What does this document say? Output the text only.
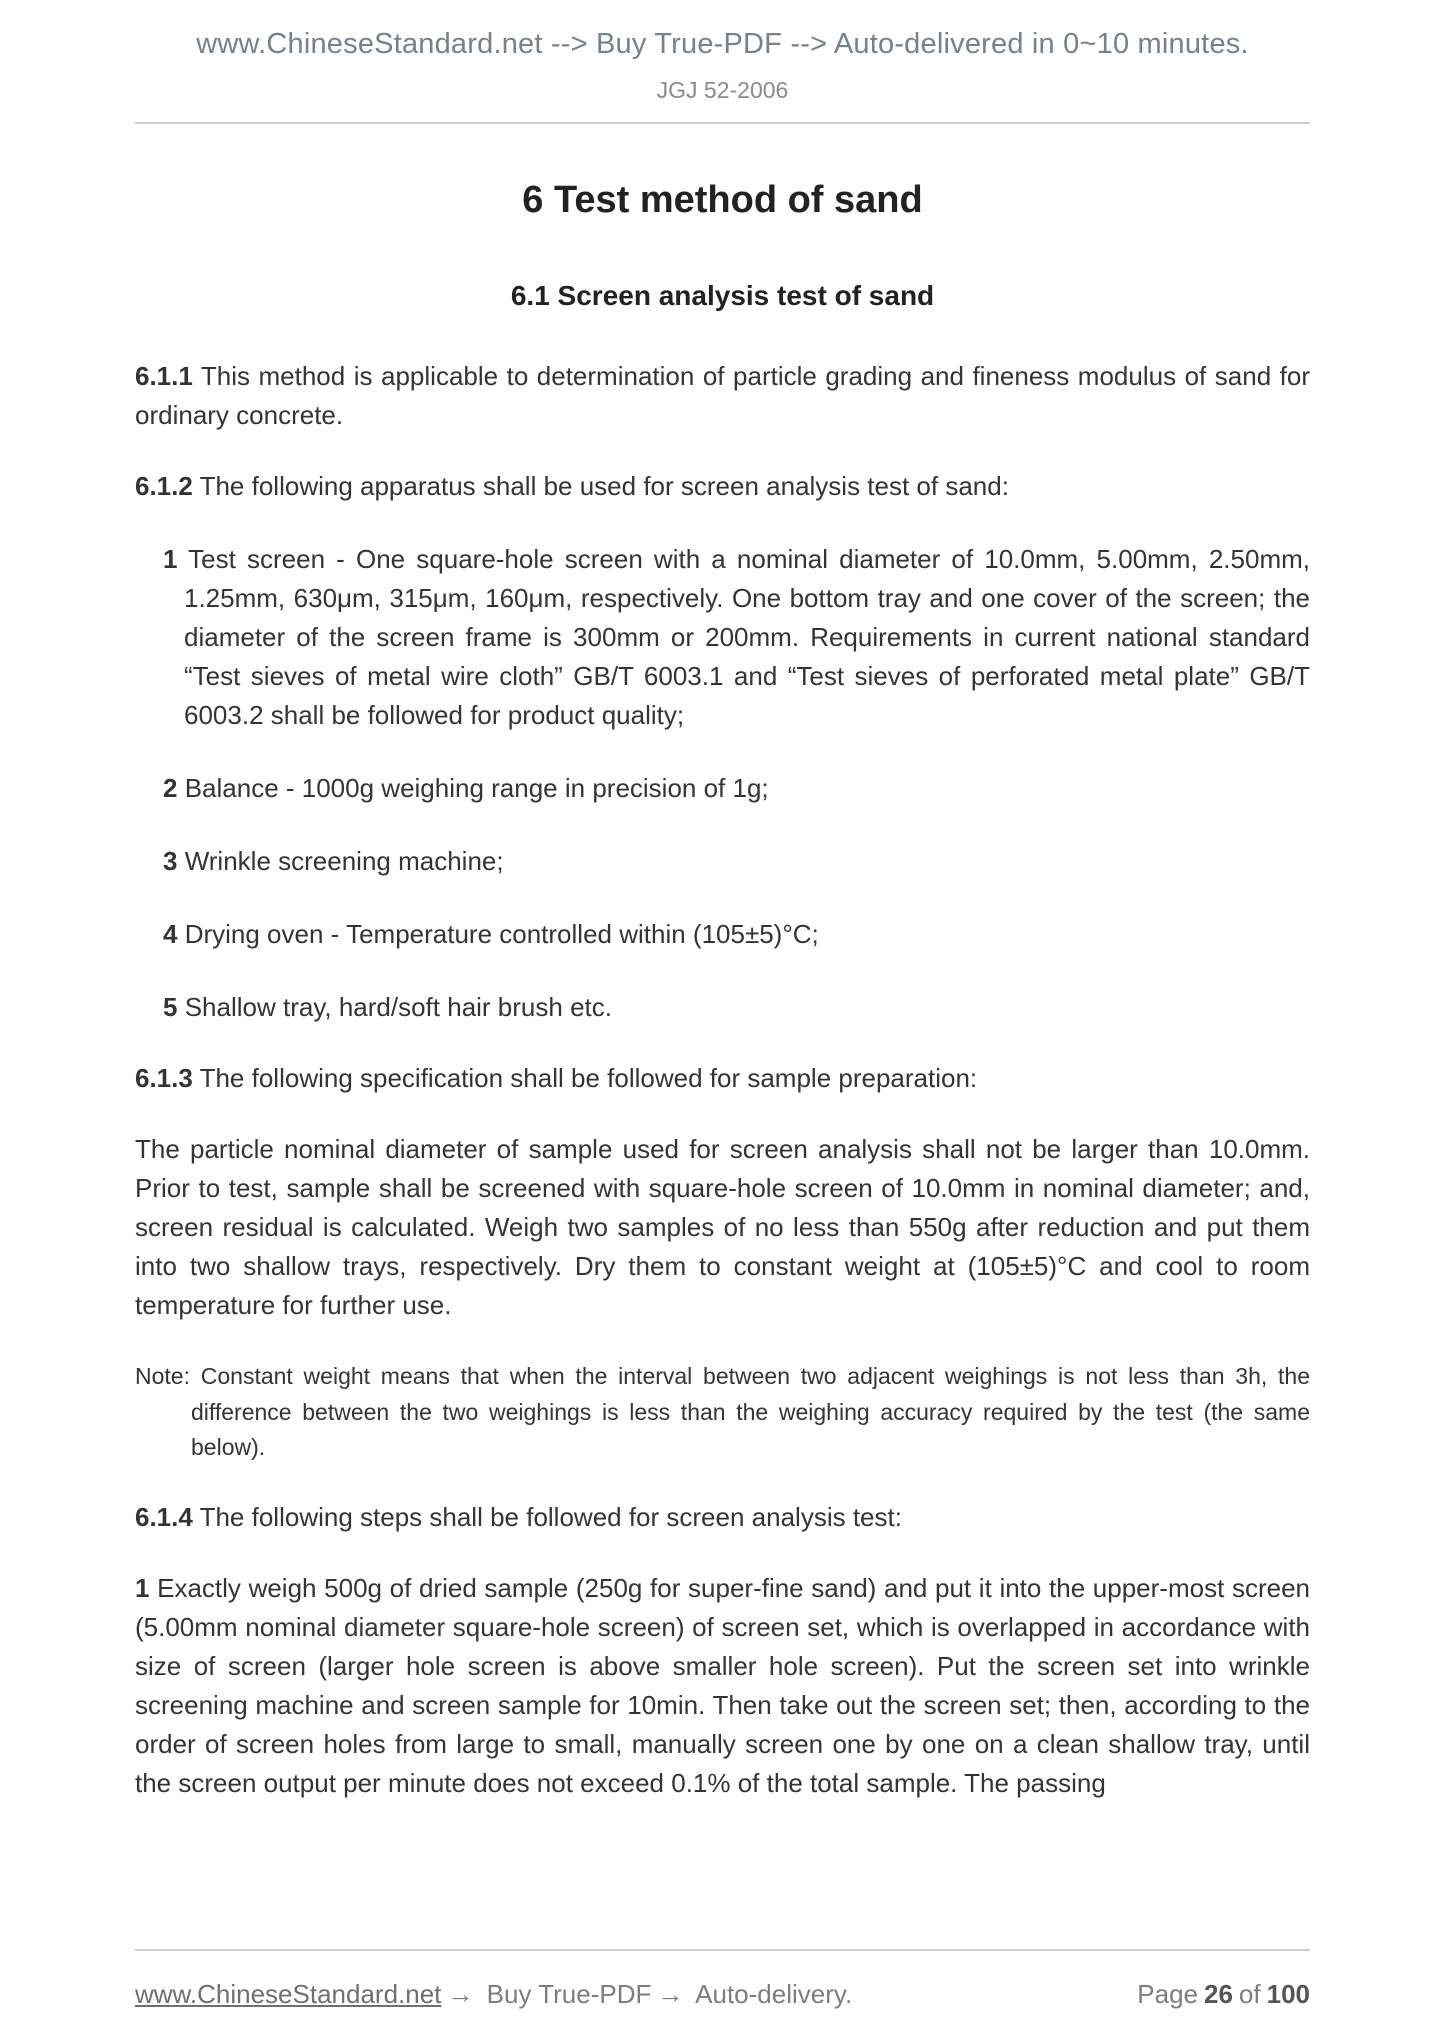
www.ChineseStandard.net --> Buy True-PDF --> Auto-delivered in 0~10 minutes.
JGJ 52-2006
6 Test method of sand
6.1 Screen analysis test of sand

6.1.1 This method is applicable to determination of particle grading and fineness modulus of sand for ordinary concrete.

6.1.2 The following apparatus shall be used for screen analysis test of sand:

1 Test screen - One square-hole screen with a nominal diameter of 10.0mm, 5.00mm, 2.50mm, 1.25mm, 630μm, 315μm, 160μm, respectively. One bottom tray and one cover of the screen; the diameter of the screen frame is 300mm or 200mm. Requirements in current national standard “Test sieves of metal wire cloth” GB/T 6003.1 and “Test sieves of perforated metal plate” GB/T 6003.2 shall be followed for product quality;

2 Balance - 1000g weighing range in precision of 1g;

3 Wrinkle screening machine;

4 Drying oven - Temperature controlled within (105±5)°C;

5 Shallow tray, hard/soft hair brush etc.

6.1.3 The following specification shall be followed for sample preparation:

The particle nominal diameter of sample used for screen analysis shall not be larger than 10.0mm. Prior to test, sample shall be screened with square-hole screen of 10.0mm in nominal diameter; and, screen residual is calculated. Weigh two samples of no less than 550g after reduction and put them into two shallow trays, respectively. Dry them to constant weight at (105±5)°C and cool to room temperature for further use.

Note: Constant weight means that when the interval between two adjacent weighings is not less than 3h, the difference between the two weighings is less than the weighing accuracy required by the test (the same below).

6.1.4 The following steps shall be followed for screen analysis test:

1 Exactly weigh 500g of dried sample (250g for super-fine sand) and put it into the upper-most screen (5.00mm nominal diameter square-hole screen) of screen set, which is overlapped in accordance with size of screen (larger hole screen is above smaller hole screen). Put the screen set into wrinkle screening machine and screen sample for 10min. Then take out the screen set; then, according to the order of screen holes from large to small, manually screen one by one on a clean shallow tray, until the screen output per minute does not exceed 0.1% of the total sample. The passing

www.ChineseStandard.net → Buy True-PDF → Auto-delivery.	Page 26 of 100
